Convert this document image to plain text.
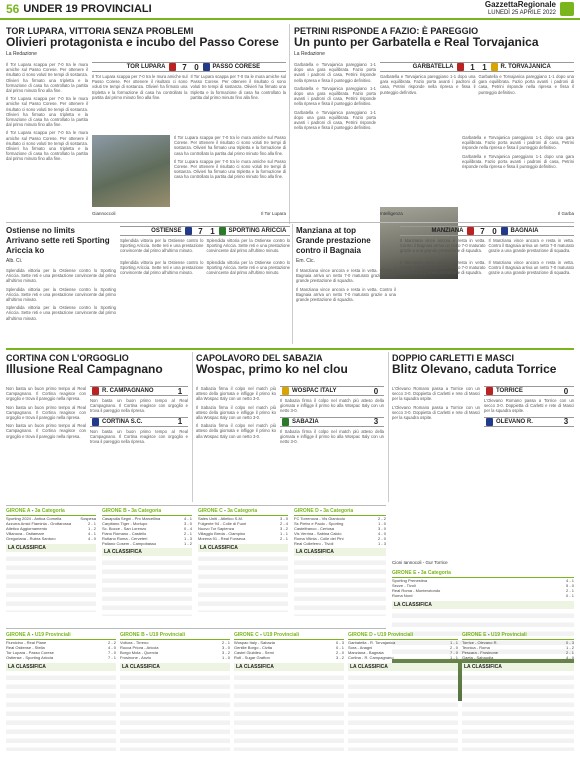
56 UNDER 19 PROVINCIALI	GazzettaRegionale
LUNEDÌ 25 APRILE 2022
TOR LUPARA, VITTORIA SENZA PROBLEMI
Olivieri protagonista e incubo del Passo Corese
La Redazione
Il Tor Lupara scappa per 7-0 tra le mura amiche sul Passo Corese. Per ottenere il risultato ci sono voluti tre tempi di sostanza. Olivieri ha firmato una tripletta e la formazione di casa ha controllato la partita dal primo minuto fino alla fine.
Il Tor Lupara scappa per 7-0 tra le mura amiche sul Passo Corese. Per ottenere il risultato ci sono voluti tre tempi di sostanza. Olivieri ha firmato una tripletta e la formazione di casa ha controllato la partita dal primo minuto fino alla fine.
Il Tor Lupara scappa per 7-0 tra le mura amiche sul Passo Corese. Per ottenere il risultato ci sono voluti tre tempi di sostanza. Olivieri ha firmato una tripletta e la formazione di casa ha controllato la partita dal primo minuto fino alla fine.
TOR LUPARA	7 0	PASSO CORESE
Il Tor Lupara scappa per 7-0 tra le mura amiche sul Passo Corese. Per ottenere il risultato ci sono voluti tre tempi di sostanza. Olivieri ha firmato una tripletta e la formazione di casa ha controllato la partita dal primo minuto fino alla fine.
Il Tor Lupara scappa per 7-0 tra le mura amiche sul Passo Corese. Per ottenere il risultato ci sono voluti tre tempi di sostanza. Olivieri ha firmato una tripletta e la formazione di casa ha controllato la partita dal primo minuto fino alla fine.
Il Tor Lupara scappa per 7-0 tra le mura amiche sul Passo Corese. Per ottenere il risultato ci sono voluti tre tempi di sostanza. Olivieri ha firmato una tripletta e la formazione di casa ha controllato la partita dal primo minuto fino alla fine.
Il Tor Lupara scappa per 7-0 tra le mura amiche sul Passo Corese. Per ottenere il risultato ci sono voluti tre tempi di sostanza. Olivieri ha firmato una tripletta e la formazione di casa ha controllato la partita dal primo minuto fino alla fine.
Giannoccoli	Il Tor Lupara
PETRINI RISPONDE A FAZIO: È PAREGGIO
Un punto per Garbatella e Real Torvajanica
La Redazione
Garbatella e Torvajanica pareggiano 1-1 dopo una gara equilibrata. Fazio porta avanti i padroni di casa, Petrini risponde nella ripresa e fissa il punteggio definitivo.
Garbatella e Torvajanica pareggiano 1-1 dopo una gara equilibrata. Fazio porta avanti i padroni di casa, Petrini risponde nella ripresa e fissa il punteggio definitivo.
Garbatella e Torvajanica pareggiano 1-1 dopo una gara equilibrata. Fazio porta avanti i padroni di casa, Petrini risponde nella ripresa e fissa il punteggio definitivo.
GARBATELLA	1 1	R. TORVAJANICA
Garbatella e Torvajanica pareggiano 1-1 dopo una gara equilibrata. Fazio porta avanti i padroni di casa, Petrini risponde nella ripresa e fissa il punteggio definitivo.
Garbatella e Torvajanica pareggiano 1-1 dopo una gara equilibrata. Fazio porta avanti i padroni di casa, Petrini risponde nella ripresa e fissa il punteggio definitivo.
Garbatella e Torvajanica pareggiano 1-1 dopo una gara equilibrata. Fazio porta avanti i padroni di casa, Petrini risponde nella ripresa e fissa il punteggio definitivo.
Garbatella e Torvajanica pareggiano 1-1 dopo una gara equilibrata. Fazio porta avanti i padroni di casa, Petrini risponde nella ripresa e fissa il punteggio definitivo.
Intelligenza	Il Garba
Ostiense no limits
Arrivano sette reti Sporting Ariccia ko
Alb. Ci.
Splendida vittoria per la Ostiense contro lo Sporting Ariccia. Sette reti e una prestazione convincente dal primo all'ultimo minuto.
Splendida vittoria per la Ostiense contro lo Sporting Ariccia. Sette reti e una prestazione convincente dal primo all'ultimo minuto.
Splendida vittoria per la Ostiense contro lo Sporting Ariccia. Sette reti e una prestazione convincente dal primo all'ultimo minuto.
OSTIENSE	7 1	SPORTING ARICCIA
Splendida vittoria per la Ostiense contro lo Sporting Ariccia. Sette reti e una prestazione convincente dal primo all'ultimo minuto.
Splendida vittoria per la Ostiense contro lo Sporting Ariccia. Sette reti e una prestazione convincente dal primo all'ultimo minuto.
Splendida vittoria per la Ostiense contro lo Sporting Ariccia. Sette reti e una prestazione convincente dal primo all'ultimo minuto.
Splendida vittoria per la Ostiense contro lo Sporting Ariccia. Sette reti e una prestazione convincente dal primo all'ultimo minuto.
Manziana at top
Grande prestazione contro il Bagnaia
Em. Cic.
Il Manziana vince ancora e resta in vetta. Contro il Bagnaia arriva un netto 7-0 maturato grazie a una grande prestazione di squadra.
Il Manziana vince ancora e resta in vetta. Contro il Bagnaia arriva un netto 7-0 maturato grazie a una grande prestazione di squadra.
MANZIANA	7 0	BAGNAIA
Il Manziana vince ancora e resta in vetta. Contro il Bagnaia arriva un netto 7-0 maturato grazie a una grande prestazione di squadra.
Il Manziana vince ancora e resta in vetta. Contro il Bagnaia arriva un netto 7-0 maturato grazie a una grande prestazione di squadra.
Il Manziana vince ancora e resta in vetta. Contro il Bagnaia arriva un netto 7-0 maturato grazie a una grande prestazione di squadra.
Il Manziana vince ancora e resta in vetta. Contro il Bagnaia arriva un netto 7-0 maturato grazie a una grande prestazione di squadra.
CORTINA CON L'ORGOGLIO
Illusione Real Campagnano
Non basta un buon primo tempo al Real Campagnano. Il Cortina reagisce con orgoglio e trova il pareggio nella ripresa.
Non basta un buon primo tempo al Real Campagnano. Il Cortina reagisce con orgoglio e trova il pareggio nella ripresa.
Non basta un buon primo tempo al Real Campagnano. Il Cortina reagisce con orgoglio e trova il pareggio nella ripresa.
R. CAMPAGNANO	1
Non basta un buon primo tempo al Real Campagnano. Il Cortina reagisce con orgoglio e trova il pareggio nella ripresa.
CORTINA S.C.	1
Non basta un buon primo tempo al Real Campagnano. Il Cortina reagisce con orgoglio e trova il pareggio nella ripresa.
CAPOLAVORO DEL SABAZIA
Wospac, primo ko nel clou
Il Sabazia firma il colpo nel match più atteso della giornata e infligge il primo ko alla Wospac Italy con un netto 3-0.
Il Sabazia firma il colpo nel match più atteso della giornata e infligge il primo ko alla Wospac Italy con un netto 3-0.
Il Sabazia firma il colpo nel match più atteso della giornata e infligge il primo ko alla Wospac Italy con un netto 3-0.
WOSPAC ITALY	0
Il Sabazia firma il colpo nel match più atteso della giornata e infligge il primo ko alla Wospac Italy con un netto 3-0.
SABAZIA	3
Il Sabazia firma il colpo nel match più atteso della giornata e infligge il primo ko alla Wospac Italy con un netto 3-0.
DOPPIO CARLETTI E MASCI
Blitz Olevano, caduta Torrice
L'Olevano Romano passa a Torrice con un secco 3-0. Doppietta di Carletti e rete di Masci per la squadra ospite.
L'Olevano Romano passa a Torrice con un secco 3-0. Doppietta di Carletti e rete di Masci per la squadra ospite.
TORRICE	0
L'Olevano Romano passa a Torrice con un secco 3-0. Doppietta di Carletti e rete di Masci per la squadra ospite.
OLEVANO R.	3
Cioni Iannocoli - Gur Torrice
GIRONE A - 3a Categoria
Sporting 2024 - Antica Cornelia	Sospesa
Azzurra Amici Flaminia - Grottarossa	2 - 1
Atletico Aggiornamento	1 - 2
Villanova - Ostiamare	4 - 1
Gregoriana - Rubra Santoro	4 - 0
LA CLASSIFICA
GIRONE B - 3a Categoria
Casapulla Segni - Pro Marcellina	4 - 1
Carpitano Tiger - Morlupo	3 - 0
Sc. Bocce - San Lorenzo	0 - 4
Fiano Romano - Castello	2 - 1
Rufiano Roma - Cerveteri	1 - 3
Paliano Cosem - Campobasso	1 - 2
LA CLASSIFICA
GIRONE C - 3a Categoria
Sales Uniti - Atletico S.M.	3 - 0
Fulgente 94 - Colle di Fuori	2 - 4
Nuovo Tor Sapienza	3 - 2
Villaggio Breda - Ciampino	1 - 1
Morena 91 - Real Fonseca	2 - 1
LA CLASSIFICA
GIRONE D - 3a Categoria
FC Torrenova - Vis Gianicolo	2 - 2
Ss Pietro e Paolo - Sporting	1 - 0
Castelfranco - Certosa	3 - 0
Vis Verrina - Sabina Calcio	4 - 0
Roma Vitinia - Colle dei Pini	2 - 0
Real Colleferro - Tivoli	1 - 3
LA CLASSIFICA
GIRONE E - 3a Categoria
Sporting Prenestina	4 - 1
Sezze - Tivoli	5 - 0
Real Roma - Monterotondo	2 - 1
Roma Nord	0 - 1
LA CLASSIFICA
GIRONE A - U19 Provinciali
Fiumicino - Real Piane	2 - 2
Real Ostiense - Stella	4 - 0
Tor Lupara - Passo Corese	7 - 0
Ostiense - Sporting Ariccia	7 - 1
LA CLASSIFICA
GIRONE B - U19 Provinciali
Voltura - Tirreno	2 - 1
Rocca Priora - Ariccia	3 - 0
Borgo Mola - Quercia	3 - 2
Frosinone - Anzio	1 - 0
LA CLASSIFICA
GIRONE C - U19 Provinciali
Wospac Italy - Sabazia	0 - 3
Gentile Borgo - Civita	0 - 1
Castel Giubileo - Semi	2 - 0
Rofi - Sugar Grafton	3 - 2
LA CLASSIFICA
GIRONE D - U19 Provinciali
Garbatella - R. Torvajanica	1 - 1
Sora - Anagni	2 - 0
Manziana - Bagnaia	7 - 0
Cortina - R. Campagnano	1 - 1
LA CLASSIFICA
GIRONE E - U19 Provinciali
Torrice - Olevano R.	0 - 3
Tecnica - Roma	1 - 2
Pescara - Frosinone	2 - 1
Gaeta - Sabaudia	4 - 0
LA CLASSIFICA
